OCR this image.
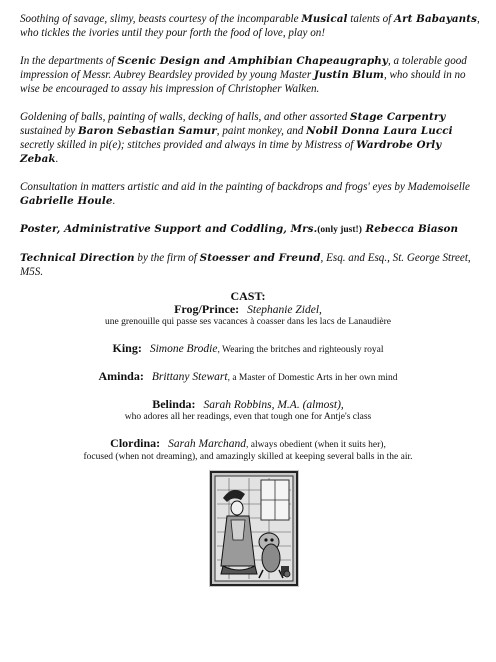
Soothing of savage, slimy, beasts courtesy of the incomparable Musical talents of Art Babayants, who tickles the ivories until they pour forth the food of love, play on!

In the departments of Scenic Design and Amphibian Chapeaugraphy, a tolerable good impression of Messr. Aubrey Beardsley provided by young Master Justin Blum, who should in no wise be encouraged to assay his impression of Christopher Walken.

Goldening of balls, painting of walls, decking of halls, and other assorted Stage Carpentry sustained by Baron Sebastian Samur, paint monkey, and Nobil Donna Laura Lucci secretly skilled in pi(e); stitches provided and always in time by Mistress of Wardrobe Orly Zebak.

Consultation in matters artistic and aid in the painting of backdrops and frogs' eyes by Mademoiselle Gabrielle Houle.

Poster, Administrative Support and Coddling, Mrs.(only just!) Rebecca Biason

Technical Direction by the firm of Stoesser and Freund, Esq. and Esq., St. George Street, M5S.

CAST:
Frog/Prince: Stephanie Zidel,
une grenouille qui passe ses vacances à coasser dans les lacs de Lanaudière
King: Simone Brodie, Wearing the britches and righteously royal
Aminda: Brittany Stewart, a Master of Domestic Arts in her own mind
Belinda: Sarah Robbins, M.A. (almost),
who adores all her readings, even that tough one for Antje's class
Clordina: Sarah Marchand, always obedient (when it suits her),
focused (when not dreaming), and amazingly skilled at keeping several balls in the air.
